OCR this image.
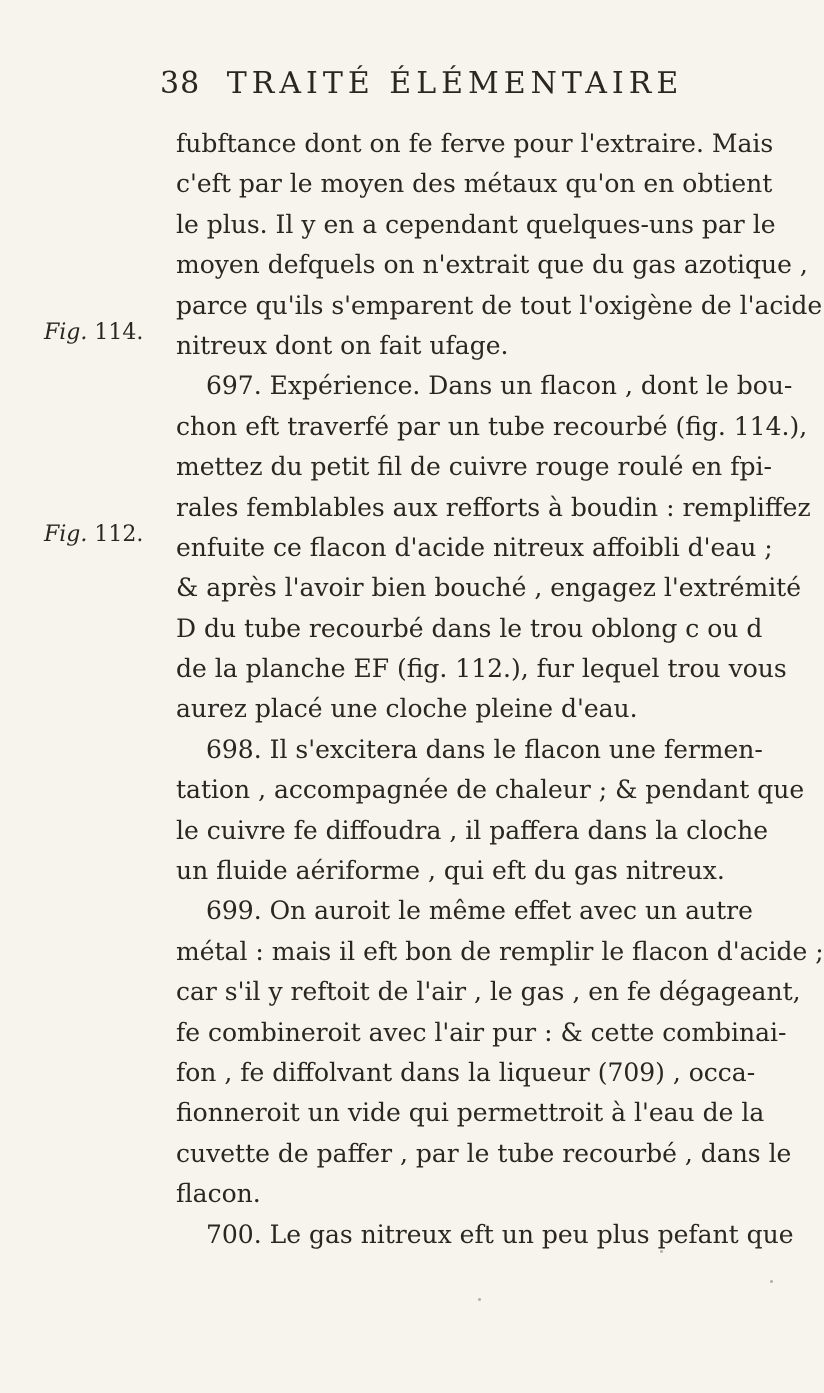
38 TRAITÉ ÉLÉMENTAIRE
Fig. 114.
Fig. 112.
fubftance dont on fe ferve pour l'extraire. Mais
c'eft par le moyen des métaux qu'on en obtient
le plus. Il y en a cependant quelques-uns par le
moyen defquels on n'extrait que du gas azotique ,
parce qu'ils s'emparent de tout l'oxigène de l'acide
nitreux dont on fait ufage.
697. Expérience. Dans un flacon , dont le bou-
chon eft traverfé par un tube recourbé (fig. 114.),
mettez du petit fil de cuivre rouge roulé en fpi-
rales femblables aux refforts à boudin : rempliffez
enfuite ce flacon d'acide nitreux affoibli d'eau ;
& après l'avoir bien bouché , engagez l'extrémité
D du tube recourbé dans le trou oblong c ou d
de la planche EF (fig. 112.), fur lequel trou vous
aurez placé une cloche pleine d'eau.
698. Il s'excitera dans le flacon une fermen-
tation , accompagnée de chaleur ; & pendant que
le cuivre fe diffoudra , il paffera dans la cloche
un fluide aériforme , qui eft du gas nitreux.
699. On auroit le même effet avec un autre
métal : mais il eft bon de remplir le flacon d'acide ;
car s'il y reftoit de l'air , le gas , en fe dégageant,
fe combineroit avec l'air pur : & cette combinai-
fon , fe diffolvant dans la liqueur (709) , occa-
fionneroit un vide qui permettroit à l'eau de la
cuvette de paffer , par le tube recourbé , dans le
flacon.
700. Le gas nitreux eft un peu plus pefant que
